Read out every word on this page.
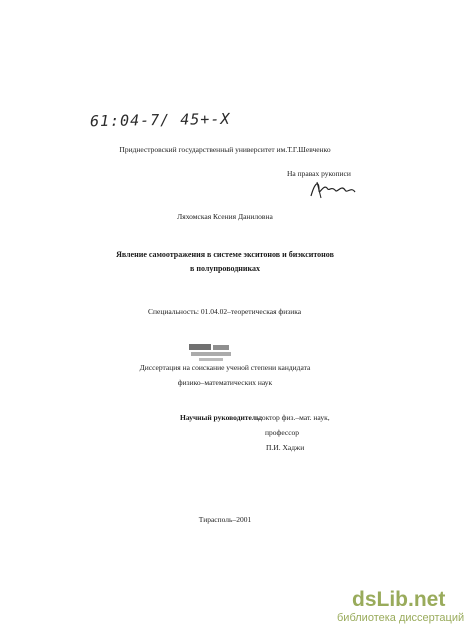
61:04-7/ 45+-X
Приднестровский государственный университет им.Т.Г.Шевченко
На правах рукописи
Ляхомская Ксения Даниловна
Явление самоотражения в системе экситонов и биэкситонов
в полупроводниках
Специальность: 01.04.02–теоретическая физика
Диссертация на соискание ученой степени кандидата
физико–математических наук
Научный руководитель:
доктор физ.–мат. наук,
профессор
П.И. Хаджи
Тирасполь–2001
dsLib.net
библиотека диссертаций
